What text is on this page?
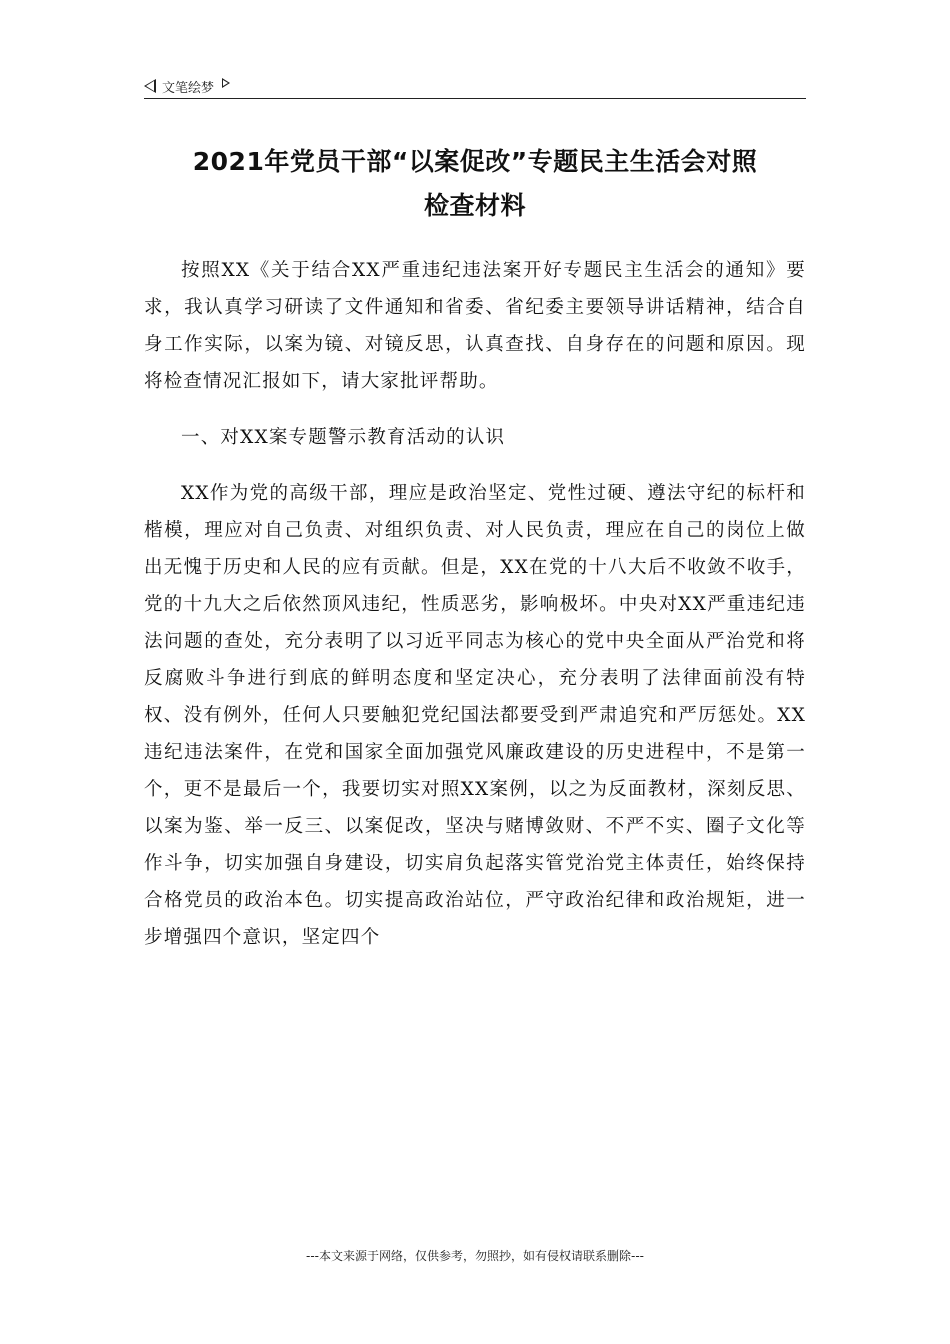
文笔绘梦
2021年党员干部“以案促改”专题民主生活会对照
检查材料

按照XX《关于结合XX严重违纪违法案开好专题民主生活会的通知》要求，我认真学习研读了文件通知和省委、省纪委主要领导讲话精神，结合自身工作实际，以案为镜、对镜反思，认真查找、自身存在的问题和原因。现将检查情况汇报如下，请大家批评帮助。

一、对XX案专题警示教育活动的认识

XX作为党的高级干部，理应是政治坚定、党性过硬、遵法守纪的标杆和楷模，理应对自己负责、对组织负责、对人民负责，理应在自己的岗位上做出无愧于历史和人民的应有贡献。但是，XX在党的十八大后不收敛不收手，党的十九大之后依然顶风违纪，性质恶劣，影响极坏。中央对XX严重违纪违法问题的查处，充分表明了以习近平同志为核心的党中央全面从严治党和将反腐败斗争进行到底的鲜明态度和坚定决心，充分表明了法律面前没有特权、没有例外，任何人只要触犯党纪国法都要受到严肃追究和严厉惩处。XX违纪违法案件，在党和国家全面加强党风廉政建设的历史进程中，不是第一个，更不是最后一个，我要切实对照XX案例，以之为反面教材，深刻反思、以案为鉴、举一反三、以案促改，坚决与赌博敛财、不严不实、圈子文化等作斗争，切实加强自身建设，切实肩负起落实管党治党主体责任，始终保持合格党员的政治本色。切实提高政治站位，严守政治纪律和政治规矩，进一步增强四个意识，坚定四个

---本文来源于网络，仅供参考，勿照抄，如有侵权请联系删除---
